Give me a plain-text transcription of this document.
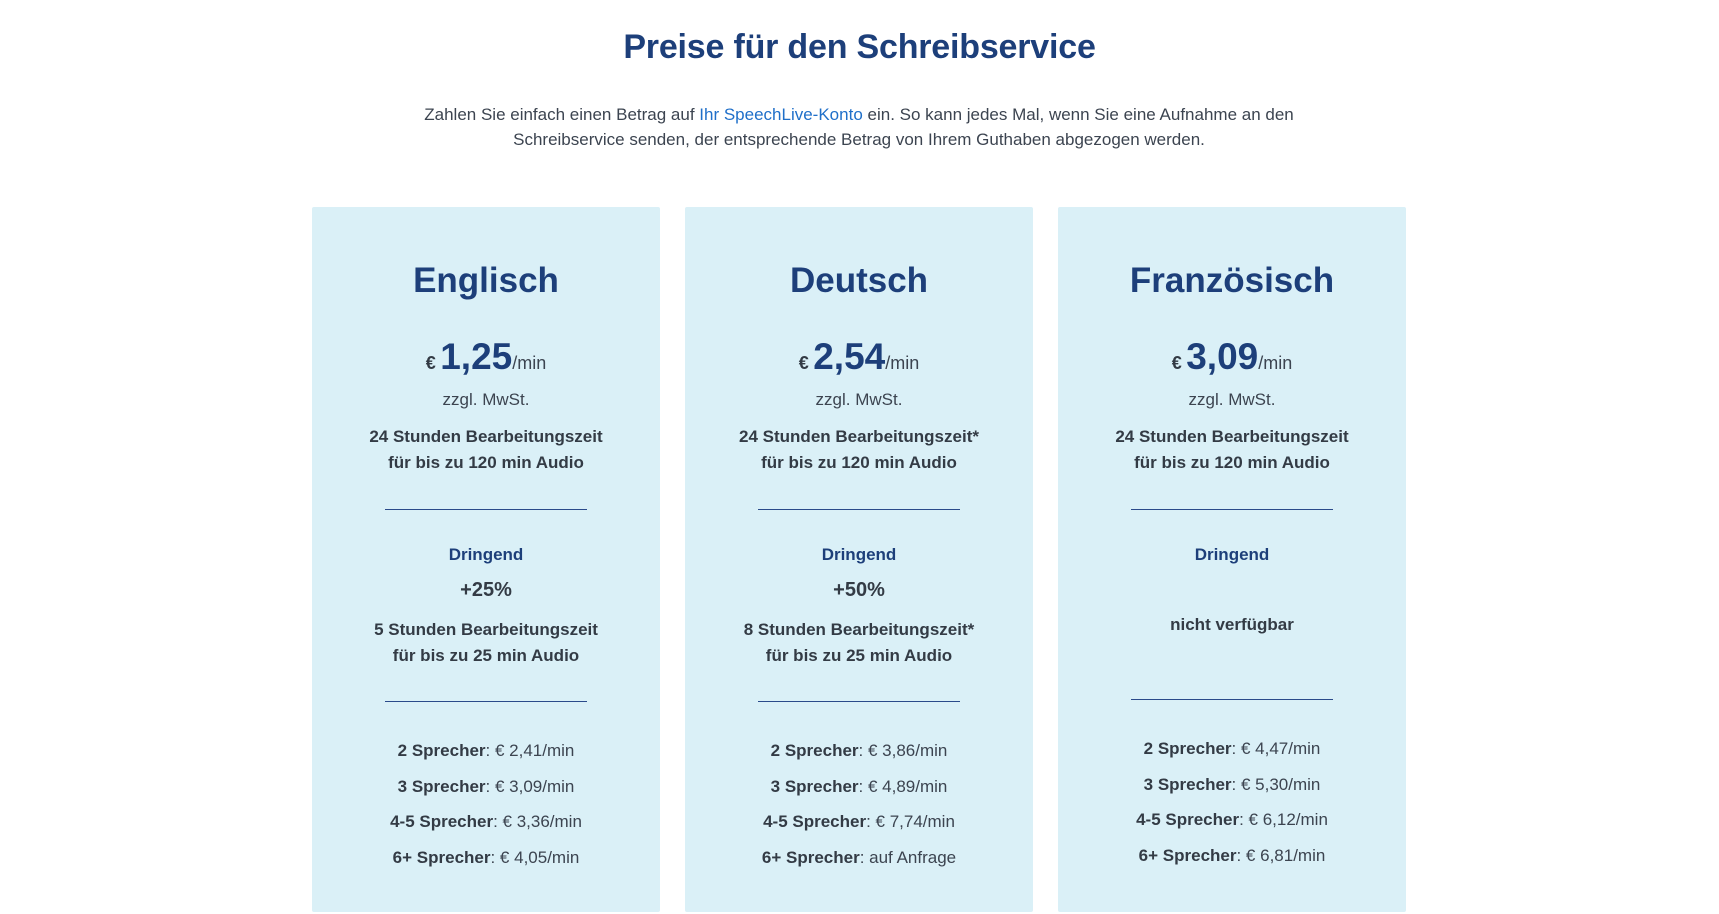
Preise für den Schreibservice

Zahlen Sie einfach einen Betrag auf Ihr SpeechLive-Konto ein. So kann jedes Mal, wenn Sie eine Aufnahme an den Schreibservice senden, der entsprechende Betrag von Ihrem Guthaben abgezogen werden.

Englisch
€ 1,25/min
zzgl. MwSt.
24 Stunden Bearbeitungszeit
für bis zu 120 min Audio
Dringend
+25%
5 Stunden Bearbeitungszeit
für bis zu 25 min Audio
2 Sprecher: € 2,41/min
3 Sprecher: € 3,09/min
4-5 Sprecher: € 3,36/min
6+ Sprecher: € 4,05/min
Deutsch
€ 2,54/min
zzgl. MwSt.
24 Stunden Bearbeitungszeit*
für bis zu 120 min Audio
Dringend
+50%
8 Stunden Bearbeitungszeit*
für bis zu 25 min Audio
2 Sprecher: € 3,86/min
3 Sprecher: € 4,89/min
4-5 Sprecher: € 7,74/min
6+ Sprecher: auf Anfrage
Französisch
€ 3,09/min
zzgl. MwSt.
24 Stunden Bearbeitungszeit
für bis zu 120 min Audio
Dringend
nicht verfügbar
2 Sprecher: € 4,47/min
3 Sprecher: € 5,30/min
4-5 Sprecher: € 6,12/min
6+ Sprecher: € 6,81/min
